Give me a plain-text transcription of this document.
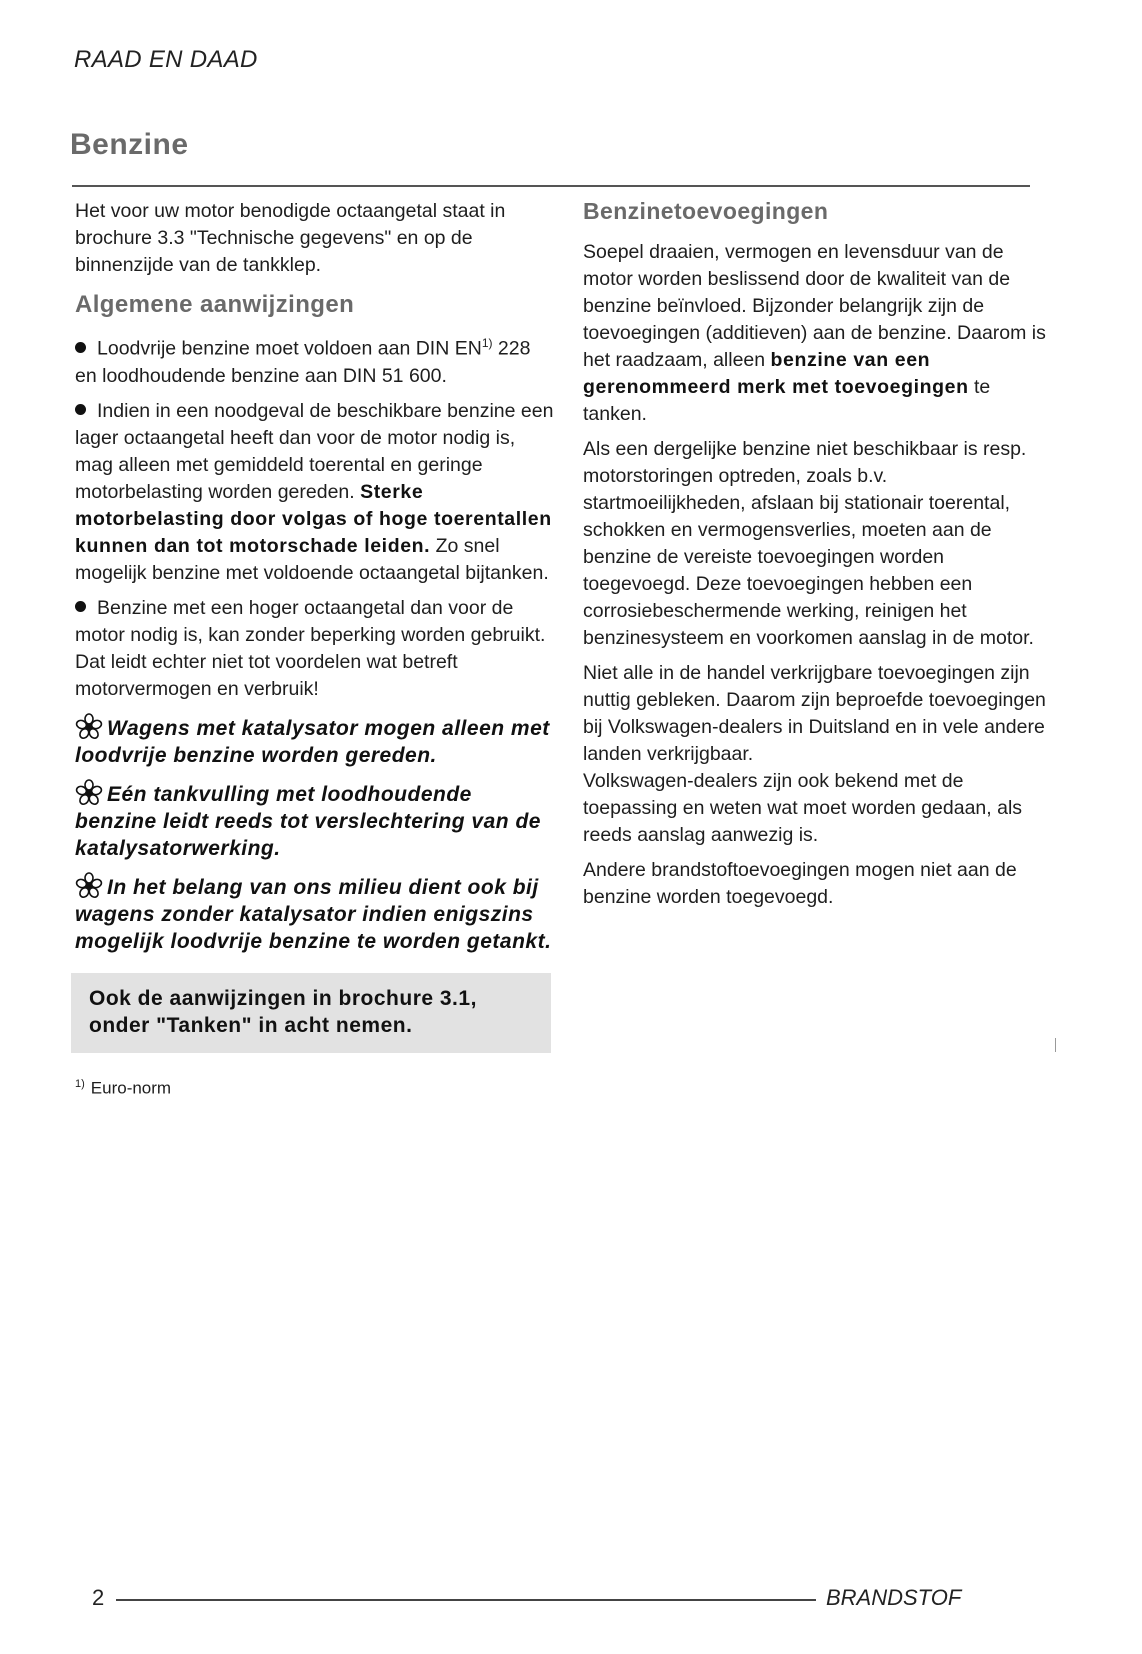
RAAD EN DAAD
Benzine

Het voor uw motor benodigde octaangetal staat in brochure 3.3 "Technische gegevens" en op de binnenzijde van de tankklep.

Algemene aanwijzingen

Loodvrije benzine moet voldoen aan DIN EN$^{1)}$ 228 en loodhoudende benzine aan DIN 51 600.

Indien in een noodgeval de beschikbare benzine een lager octaangetal heeft dan voor de motor nodig is, mag alleen met gemiddeld toerental en geringe motorbelasting worden gereden. Sterke motorbelasting door volgas of hoge toerentallen kunnen dan tot motorschade leiden. Zo snel mogelijk benzine met voldoende octaangetal bijtanken.

Benzine met een hoger octaangetal dan voor de motor nodig is, kan zonder beperking worden gebruikt. Dat leidt echter niet tot voordelen wat betreft motorvermogen en verbruik!

Wagens met katalysator mogen alleen met loodvrije benzine worden gereden.
Eén tankvulling met loodhoudende benzine leidt reeds tot verslechtering van de katalysatorwerking.
In het belang van ons milieu dient ook bij wagens zonder katalysator indien enigszins mogelijk loodvrije benzine te worden getankt.
Ook de aanwijzingen in brochure 3.1, onder "Tanken" in acht nemen.
$^{1)}$ Euro-norm
Benzinetoevoegingen

Soepel draaien, vermogen en levensduur van de motor worden beslissend door de kwaliteit van de benzine beïnvloed. Bijzonder belangrijk zijn de toevoegingen (additieven) aan de benzine. Daarom is het raadzaam, alleen benzine van een gerenommeerd merk met toevoegingen te tanken.

Als een dergelijke benzine niet beschikbaar is resp. motorstoringen optreden, zoals b.v. startmoeilijkheden, afslaan bij stationair toerental, schokken en vermogensverlies, moeten aan de benzine de vereiste toevoegingen worden toegevoegd. Deze toevoegingen hebben een corrosiebeschermende werking, reinigen het benzinesysteem en voorkomen aanslag in de motor.

Niet alle in de handel verkrijgbare toevoegingen zijn nuttig gebleken. Daarom zijn beproefde toevoegingen bij Volkswagen-dealers in Duitsland en in vele andere landen verkrijgbaar.

Volkswagen-dealers zijn ook bekend met de toepassing en weten wat moet worden gedaan, als reeds aanslag aanwezig is.

Andere brandstoftoevoegingen mogen niet aan de benzine worden toegevoegd.

2	BRANDSTOF
